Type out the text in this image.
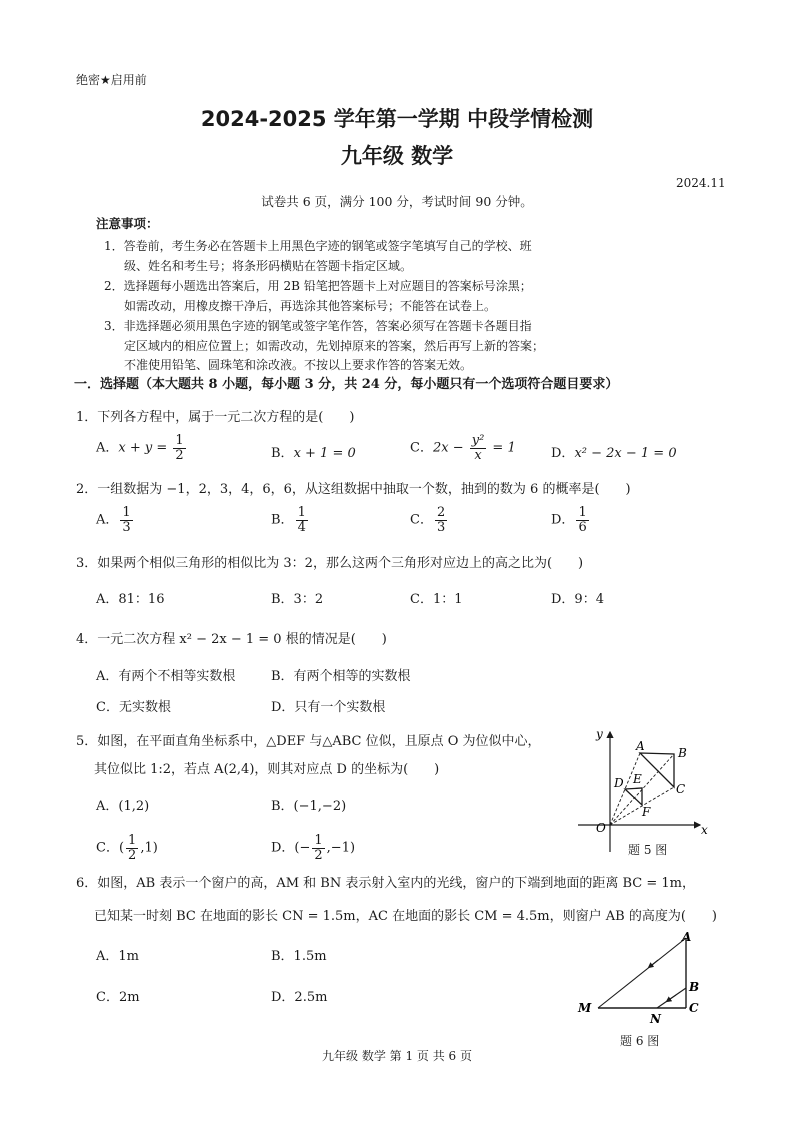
绝密★启用前
2024-2025 学年第一学期 中段学情检测
九年级 数学
2024.11
试卷共 6 页，满分 100 分，考试时间 90 分钟。
注意事项：
1．答卷前，考生务必在答题卡上用黑色字迹的钢笔或签字笔填写自己的学校、班
级、姓名和考生号；将条形码横贴在答题卡指定区域。
2．选择题每小题选出答案后，用 2B 铅笔把答题卡上对应题目的答案标号涂黑；
如需改动，用橡皮擦干净后，再选涂其他答案标号；不能答在试卷上。
3．非选择题必须用黑色字迹的钢笔或签字笔作答，答案必须写在答题卡各题目指
定区域内的相应位置上；如需改动，先划掉原来的答案，然后再写上新的答案；
不准使用铅笔、圆珠笔和涂改液。不按以上要求作答的答案无效。
一．选择题（本大题共 8 小题，每小题 3 分，共 24 分，每小题只有一个选项符合题目要求）
1．下列各方程中，属于一元二次方程的是(　　)
A．$x + y = \frac{1}{2}$	B．x + 1 = 0	C．$2x - \frac{\text{y²}}{x} = 1$	D．x² − 2x − 1 = 0
2．一组数据为 −1，2，3，4，6，6，从这组数据中抽取一个数，抽到的数为 6 的概率是(　　)
A． $\frac{1}{3}$	B． $\frac{1}{4}$	C． $\frac{2}{3}$	D． $\frac{1}{6}$
3．如果两个相似三角形的相似比为 3：2，那么这两个三角形对应边上的高之比为(　　)
A．81：16	B．3：2	C．1：1	D．9：4
4．一元二次方程 x² − 2x − 1 = 0 根的情况是(　　)
A．有两个不相等实数根	B．有两个相等的实数根
C．无实数根	D．只有一个实数根
5．如图，在平面直角坐标系中，△DEF 与△ABC 位似，且原点 O 为位似中心，
其位似比 1:2，若点 A(2,4)，则其对应点 D 的坐标为(　　)
A．(1,2)	B．(−1,−2)
C．( $\frac{1}{2} ,1$)	D．(− $\frac{1}{2} ,-1$)
A	B
C
D E
F
O	x
y
题 5 图
6．如图，AB 表示一个窗户的高，AM 和 BN 表示射入室内的光线，窗户的下端到地面的距离 BC = 1m，
已知某一时刻 BC 在地面的影长 CN = 1.5m，AC 在地面的影长 CM = 4.5m，则窗户 AB 的高度为(　　)
A．1m	B．1.5m
C．2m	D．2.5m
A
B
C
M
N
题 6 图
九年级 数学 第 1 页 共 6 页
